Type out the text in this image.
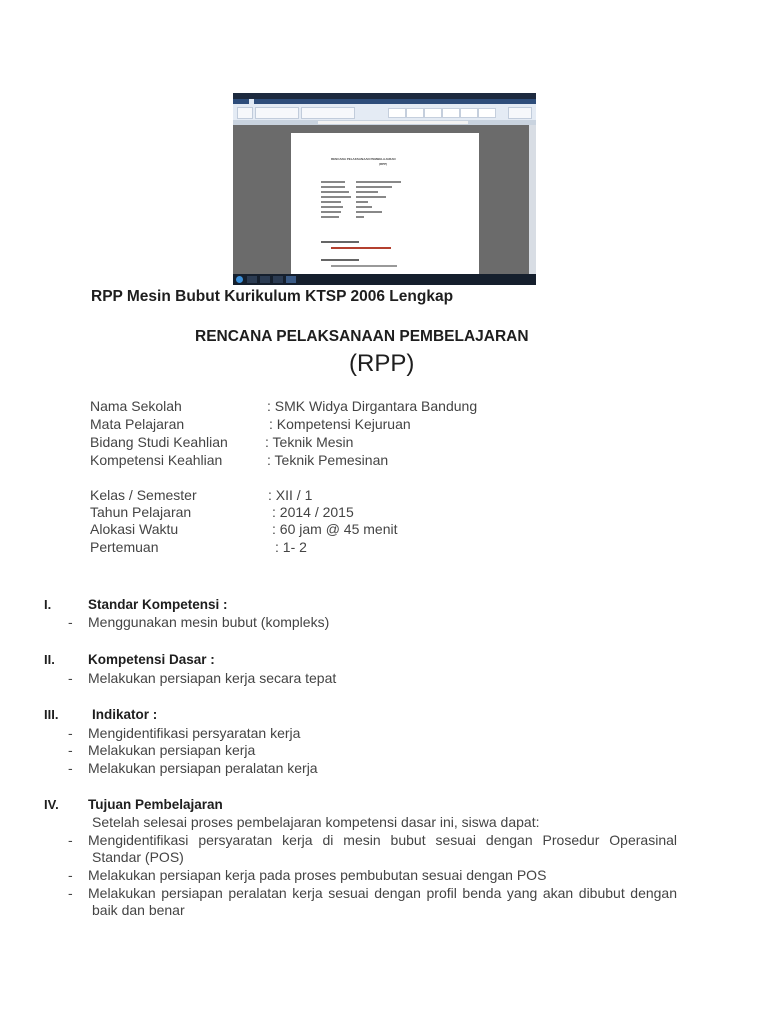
RENCANA PELAKSANAAN PEMBELAJARAN
(RPP)
RPP Mesin Bubut Kurikulum KTSP 2006 Lengkap
RENCANA PELAKSANAAN PEMBELAJARAN
(RPP)
Nama Sekolah	: SMK Widya Dirgantara Bandung
Mata Pelajaran	: Kompetensi Kejuruan
Bidang Studi Keahlian	: Teknik Mesin
Kompetensi Keahlian	: Teknik Pemesinan
Kelas / Semester	: XII / 1
Tahun Pelajaran	: 2014 / 2015
Alokasi Waktu	: 60 jam @ 45 menit
Pertemuan	: 1- 2
I.	Standar Kompetensi :
- Menggunakan mesin bubut (kompleks)
II. Kompetensi Dasar :
- Melakukan persiapan kerja secara tepat
III. Indikator :
- Mengidentifikasi persyaratan kerja
- Melakukan persiapan kerja
- Melakukan persiapan peralatan kerja
IV. Tujuan Pembelajaran
Setelah selesai proses pembelajaran kompetensi dasar ini, siswa dapat:
- Mengidentifikasi persyaratan kerja di mesin bubut sesuai dengan Prosedur Operasinal
Standar (POS)
- Melakukan persiapan kerja pada proses pembubutan sesuai dengan POS
- Melakukan persiapan peralatan kerja sesuai dengan profil benda yang akan dibubut dengan
baik dan benar
